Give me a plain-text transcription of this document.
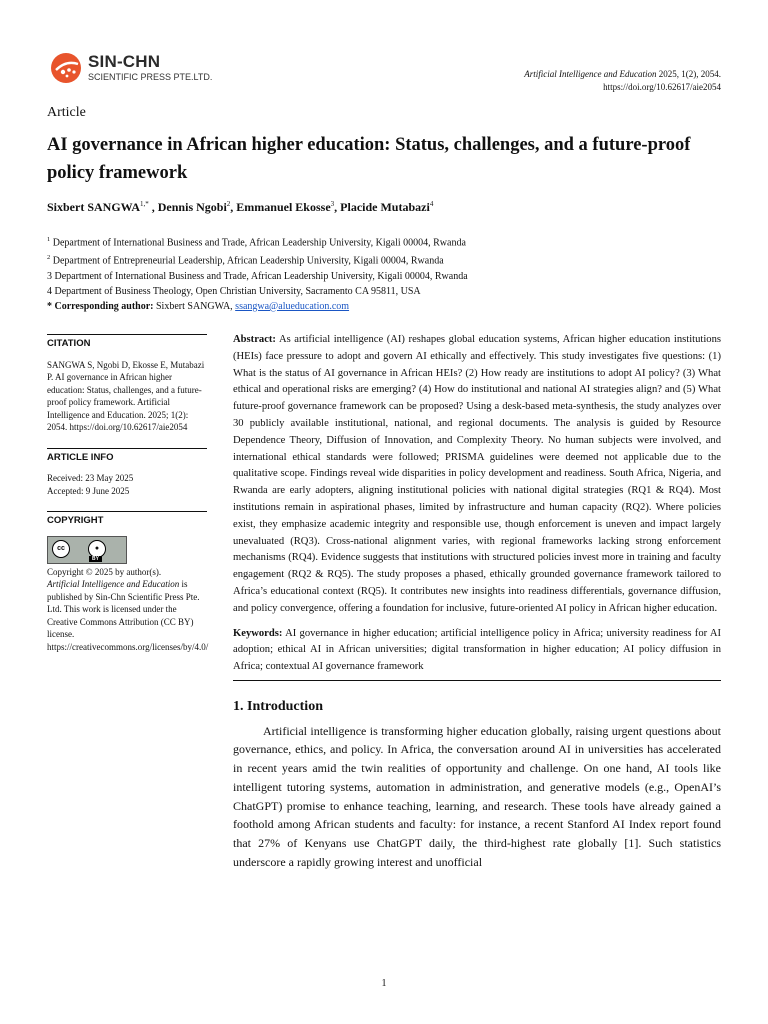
SIN-CHN
SCIENTIFIC PRESS PTE.LTD.	Artificial Intelligence and Education 2025, 1(2), 2054.
https://doi.org/10.62617/aie2054
Article
AI governance in African higher education: Status, challenges, and a future-proof policy framework
Sixbert $SANGWA^{1,*}$ , Dennis Ngobi$^2$, Emmanuel Ekosse$^3$, Placide Mutabazi$^4$
$^1$ Department of International Business and Trade, African Leadership University, Kigali 00004, Rwanda
$^2$ Department of Entrepreneurial Leadership, African Leadership University, Kigali 00004, Rwanda
3 Department of International Business and Trade, African Leadership University, Kigali 00004, Rwanda
4 Department of Business Theology, Open Christian University, Sacramento CA 95811, USA
* Corresponding author: Sixbert SANGWA, ssangwa@alueducation.com
CITATION
SANGWA S, Ngobi D, Ekosse E, Mutabazi P. AI governance in African higher education: Status, challenges, and a future-proof policy framework. Artificial Intelligence and Education. 2025; 1(2): 2054. https://doi.org/10.62617/aie2054
ARTICLE INFO
Received: 23 May 2025
Accepted: 9 June 2025
COPYRIGHT
cc	●
BY
Copyright © 2025 by author(s).
Artificial Intelligence and Education is published by Sin-Chn Scientific Press Pte. Ltd. This work is licensed under the Creative Commons Attribution (CC BY) license. https://creativecommons.org/licenses/by/4.0/

Abstract: As artificial intelligence (AI) reshapes global education systems, African higher education institutions (HEIs) face pressure to adopt and govern AI ethically and effectively. This study investigates five questions: (1) What is the status of AI governance in African HEIs? (2) How ready are institutions to adopt AI policy? (3) What ethical and operational risks are emerging? (4) How do institutional and national AI strategies align? and (5) What future-proof governance framework can be proposed? Using a desk-based meta-synthesis, the study analyzes over 30 publicly available institutional, national, and regional documents. The analysis is guided by Resource Dependence Theory, Diffusion of Innovation, and Complexity Theory. No human subjects were involved, and international ethical standards were followed; PRISMA guidelines were deemed not applicable due to the qualitative scope. Findings reveal wide disparities in policy development and readiness. South Africa, Nigeria, and Rwanda are early adopters, aligning institutional policies with national digital strategies (RQ1 & RQ4). Most institutions remain in aspirational phases, limited by infrastructure and human capacity (RQ2). Where policies exist, they emphasize academic integrity and responsible use, though enforcement is uneven and impact largely unevaluated (RQ3). Cross-national alignment varies, with regional frameworks lacking strong enforcement mechanisms (RQ4). Evidence suggests that institutions with structured policies invest more in training and faculty engagement (RQ2 & RQ5). The study proposes a phased, ethically grounded governance framework tailored to Africa’s educational context (RQ5). It contributes new insights into readiness differentials, governance diffusion, and policy convergence, offering a foundation for inclusive, future-oriented AI policy in African higher education.

Keywords: AI governance in higher education; artificial intelligence policy in Africa; university readiness for AI adoption; ethical AI in African universities; digital transformation in higher education; AI policy diffusion in Africa; contextual AI governance framework

1. Introduction

Artificial intelligence is transforming higher education globally, raising urgent questions about governance, ethics, and policy. In Africa, the conversation around AI in universities has accelerated in recent years amid the twin realities of opportunity and challenge. On one hand, AI tools like intelligent tutoring systems, automation in administration, and generative models (e.g., OpenAI’s ChatGPT) promise to enhance teaching, learning, and research. These tools have already gained a foothold among African students and faculty: for instance, a recent Stanford AI Index report found that 27% of Kenyans use ChatGPT daily, the third-highest rate globally [1]. Such statistics underscore a rapidly growing interest and unofficial

1
